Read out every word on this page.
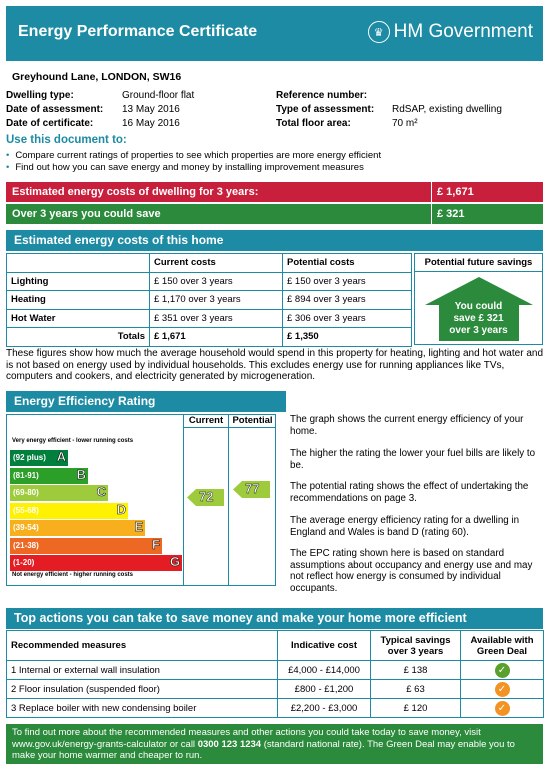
Energy Performance Certificate	♛ HM Government
Greyhound Lane, LONDON, SW16
Dwelling type:	Ground-floor flat
Date of assessment: 13 May 2016
Date of certificate:	16 May 2016
Reference number:
Type of assessment: RdSAP, existing dwelling
Total floor area:	70 m²
Use this document to:
• Compare current ratings of properties to see which properties are more energy efficient
• Find out how you can save energy and money by installing improvement measures
Estimated energy costs of dwelling for 3 years:	£ 1,671
Over 3 years you could save	£ 321
Estimated energy costs of this home
	Current costs	Potential costs
Lighting	£ 150 over 3 years	£ 150 over 3 years
Heating	£ 1,170 over 3 years	£ 894 over 3 years
Hot Water	£ 351 over 3 years	£ 306 over 3 years
Totals	£ 1,671	£ 1,350
Potential future savings
You could
save £ 321
over 3 years
These figures show how much the average household would spend in this property for heating, lighting and hot water and is not based on energy used by individual households. This excludes energy use for running appliances like TVs, computers and cookers, and electricity generated by microgeneration.
Energy Efficiency Rating
Very energy efficient - lower running costs
Not energy efficient - higher running costs
(92 plus) A
(81-91)	B
(69-80)	C
(55-68)	D
(39-54)	E
(21-38)	F
(1-20)	G
Current Potential
72 77
The graph shows the current energy efficiency of your home.
The higher the rating the lower your fuel bills are likely to be.
The potential rating shows the effect of undertaking the recommendations on page 3.
The average energy efficiency rating for a dwelling in England and Wales is band D (rating 60).
The EPC rating shown here is based on standard assumptions about occupancy and energy use and may not reflect how energy is consumed by individual occupants.
Top actions you can take to save money and make your home more efficient
Recommended measures	Indicative cost	Typical savings over 3 years	Available with Green Deal
1 Internal or external wall insulation	£4,000 - £14,000	£ 138	✓
2 Floor insulation (suspended floor)	£800 - £1,200	£ 63	✓
3 Replace boiler with new condensing boiler	£2,200 - £3,000	£ 120	✓
To find out more about the recommended measures and other actions you could take today to save money, visit www.gov.uk/energy-grants-calculator or call 0300 123 1234 (standard national rate). The Green Deal may enable you to make your home warmer and cheaper to run.
